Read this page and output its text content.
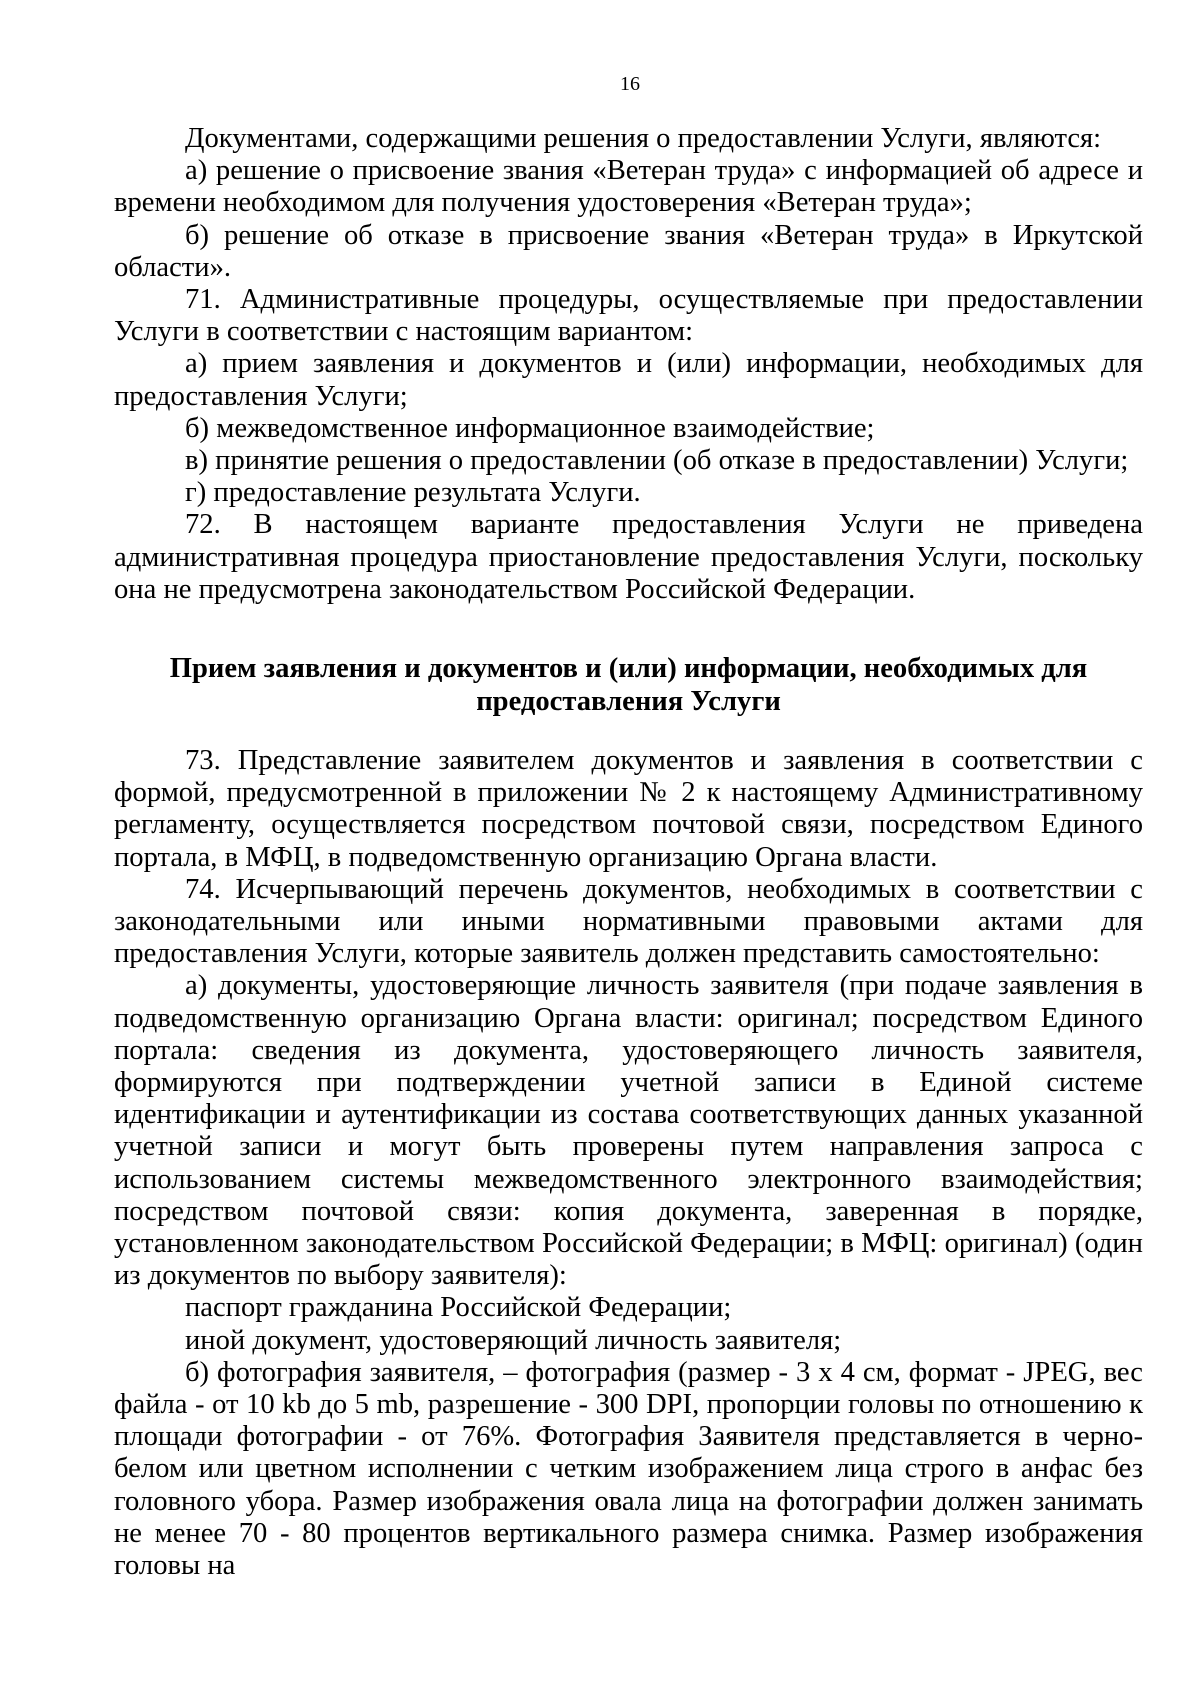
16

Документами, содержащими решения о предоставлении Услуги, являются:

а) решение о присвоение звания «Ветеран труда» с информацией об адресе и времени необходимом для получения удостоверения «Ветеран труда»;

б) решение об отказе в присвоение звания «Ветеран труда» в Иркутской области».

71. Административные процедуры, осуществляемые при предоставлении Услуги в соответствии с настоящим вариантом:

а) прием заявления и документов и (или) информации, необходимых для предоставления Услуги;

б) межведомственное информационное взаимодействие;

в) принятие решения о предоставлении (об отказе в предоставлении) Услуги;

г) предоставление результата Услуги.

72. В настоящем варианте предоставления Услуги не приведена административная процедура приостановление предоставления Услуги, поскольку она не предусмотрена законодательством Российской Федерации.

Прием заявления и документов и (или) информации, необходимых для предоставления Услуги

73. Представление заявителем документов и заявления в соответствии с формой, предусмотренной в приложении № 2 к настоящему Административному регламенту, осуществляется посредством почтовой связи, посредством Единого портала, в МФЦ, в подведомственную организацию Органа власти.

74. Исчерпывающий перечень документов, необходимых в соответствии с законодательными или иными нормативными правовыми актами для предоставления Услуги, которые заявитель должен представить самостоятельно:

а) документы, удостоверяющие личность заявителя (при подаче заявления в подведомственную организацию Органа власти: оригинал; посредством Единого портала: сведения из документа, удостоверяющего личность заявителя, формируются при подтверждении учетной записи в Единой системе идентификации и аутентификации из состава соответствующих данных указанной учетной записи и могут быть проверены путем направления запроса с использованием системы межведомственного электронного взаимодействия; посредством почтовой связи: копия документа, заверенная в порядке, установленном законодательством Российской Федерации; в МФЦ: оригинал) (один из документов по выбору заявителя):

паспорт гражданина Российской Федерации;

иной документ, удостоверяющий личность заявителя;

б) фотография заявителя, – фотография (размер - 3 x 4 см, формат - JPEG, вес файла - от 10 kb до 5 mb, разрешение - 300 DPI, пропорции головы по отношению к площади фотографии - от 76%. Фотография Заявителя представляется в черно-белом или цветном исполнении с четким изображением лица строго в анфас без головного убора. Размер изображения овала лица на фотографии должен занимать не менее 70 - 80 процентов вертикального размера снимка. Размер изображения головы на
